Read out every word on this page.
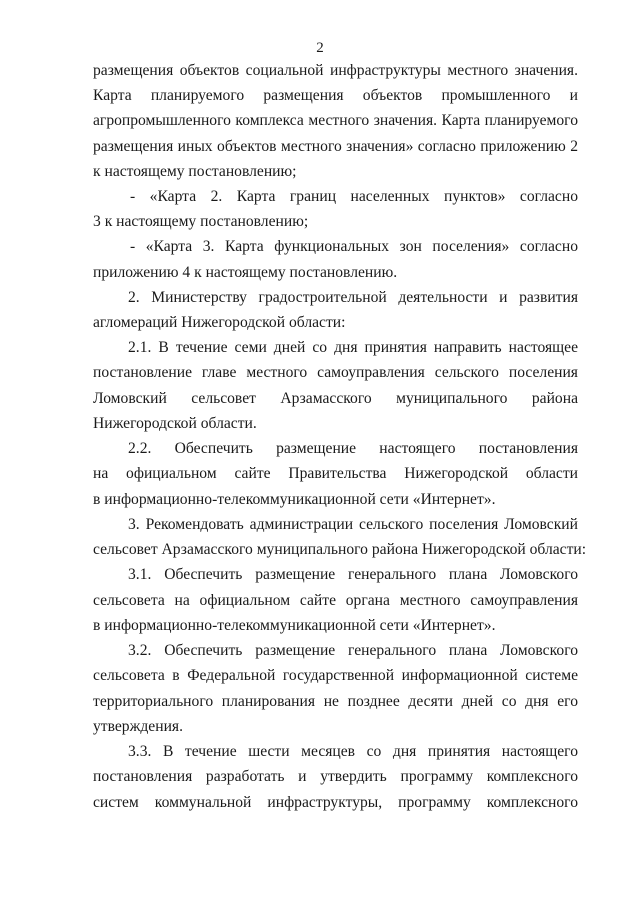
2
размещения объектов социальной инфраструктуры местного значения.
Карта планируемого размещения объектов промышленного и
агропромышленного комплекса местного значения. Карта планируемого
размещения иных объектов местного значения» согласно приложению 2
к настоящему постановлению;
- «Карта 2. Карта границ населенных пунктов» согласно
3 к настоящему постановлению;
- «Карта 3. Карта функциональных зон поселения» согласно
приложению 4 к настоящему постановлению.
2. Министерству градостроительной деятельности и развития
агломераций Нижегородской области:
2.1. В течение семи дней со дня принятия направить настоящее
постановление главе местного самоуправления сельского поселения
Ломовский сельсовет Арзамасского муниципального района
Нижегородской области.
2.2. Обеспечить размещение настоящего постановления
на официальном сайте Правительства Нижегородской области
в информационно-телекоммуникационной сети «Интернет».
3. Рекомендовать администрации сельского поселения Ломовский
сельсовет Арзамасского муниципального района Нижегородской области:
3.1. Обеспечить размещение генерального плана Ломовского
сельсовета на официальном сайте органа местного самоуправления
в информационно-телекоммуникационной сети «Интернет».
3.2. Обеспечить размещение генерального плана Ломовского
сельсовета в Федеральной государственной информационной системе
территориального планирования не позднее десяти дней со дня его
утверждения.
3.3. В течение шести месяцев со дня принятия настоящего
постановления разработать и утвердить программу комплексного
систем коммунальной инфраструктуры, программу комплексного
